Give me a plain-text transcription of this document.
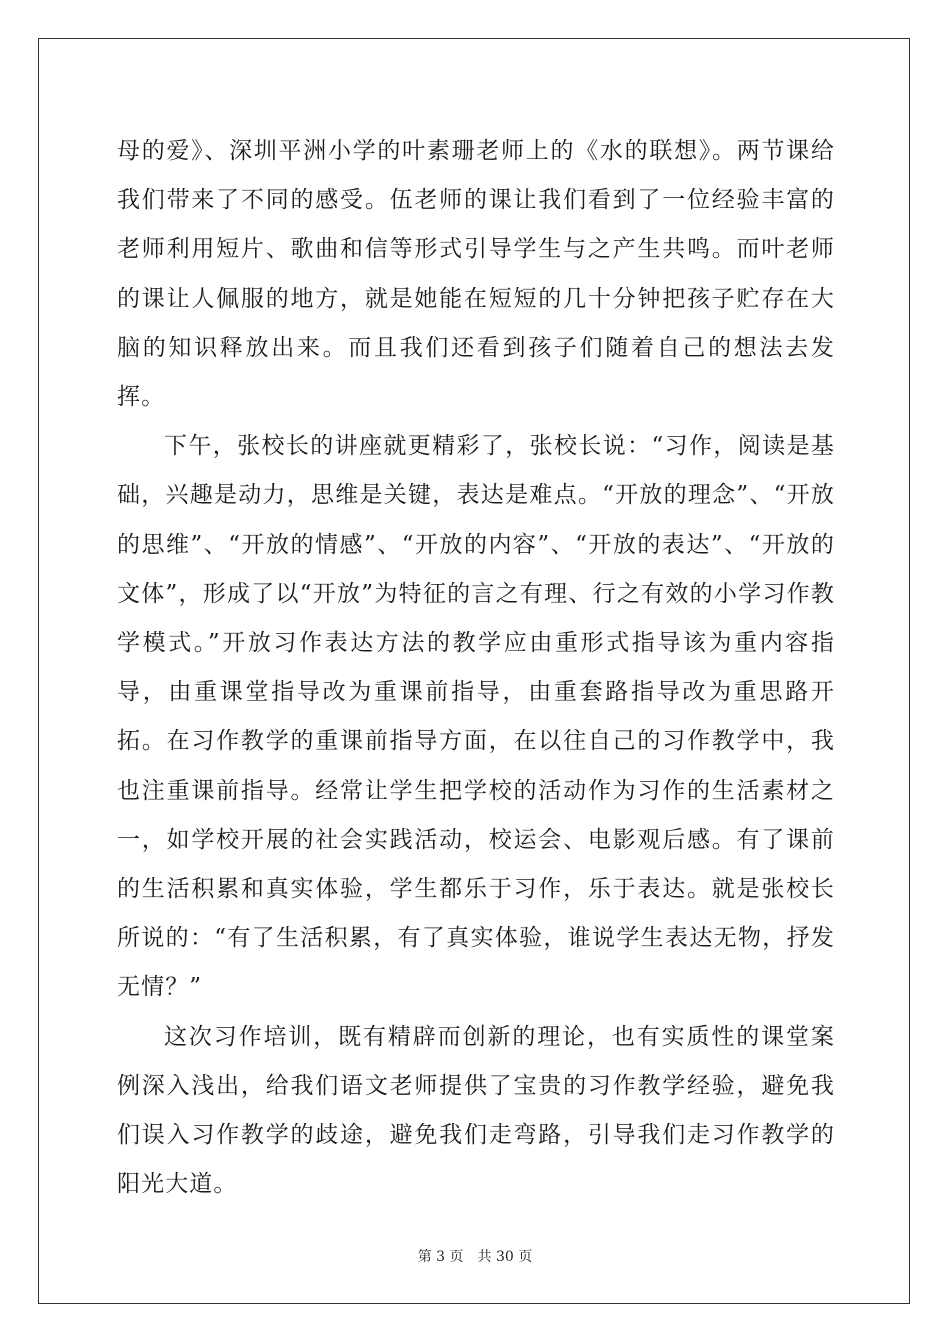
母的爱》、深圳平洲小学的叶素珊老师上的《水的联想》。两节课给我们带来了不同的感受。伍老师的课让我们看到了一位经验丰富的老师利用短片、歌曲和信等形式引导学生与之产生共鸣。而叶老师的课让人佩服的地方，就是她能在短短的几十分钟把孩子贮存在大脑的知识释放出来。而且我们还看到孩子们随着自己的想法去发挥。

下午，张校长的讲座就更精彩了，张校长说：“习作，阅读是基础，兴趣是动力，思维是关键，表达是难点。“开放的理念”、“开放的思维”、“开放的情感”、“开放的内容”、“开放的表达”、“开放的文体”，形成了以“开放”为特征的言之有理、行之有效的小学习作教学模式。”开放习作表达方法的教学应由重形式指导该为重内容指导，由重课堂指导改为重课前指导，由重套路指导改为重思路开拓。在习作教学的重课前指导方面，在以往自己的习作教学中，我也注重课前指导。经常让学生把学校的活动作为习作的生活素材之一，如学校开展的社会实践活动，校运会、电影观后感。有了课前的生活积累和真实体验，学生都乐于习作，乐于表达。就是张校长所说的：“有了生活积累，有了真实体验，谁说学生表达无物，抒发无情？”

这次习作培训，既有精辟而创新的理论，也有实质性的课堂案例深入浅出，给我们语文老师提供了宝贵的习作教学经验，避免我们误入习作教学的歧途，避免我们走弯路，引导我们走习作教学的阳光大道。

第 3 页 共 30 页
